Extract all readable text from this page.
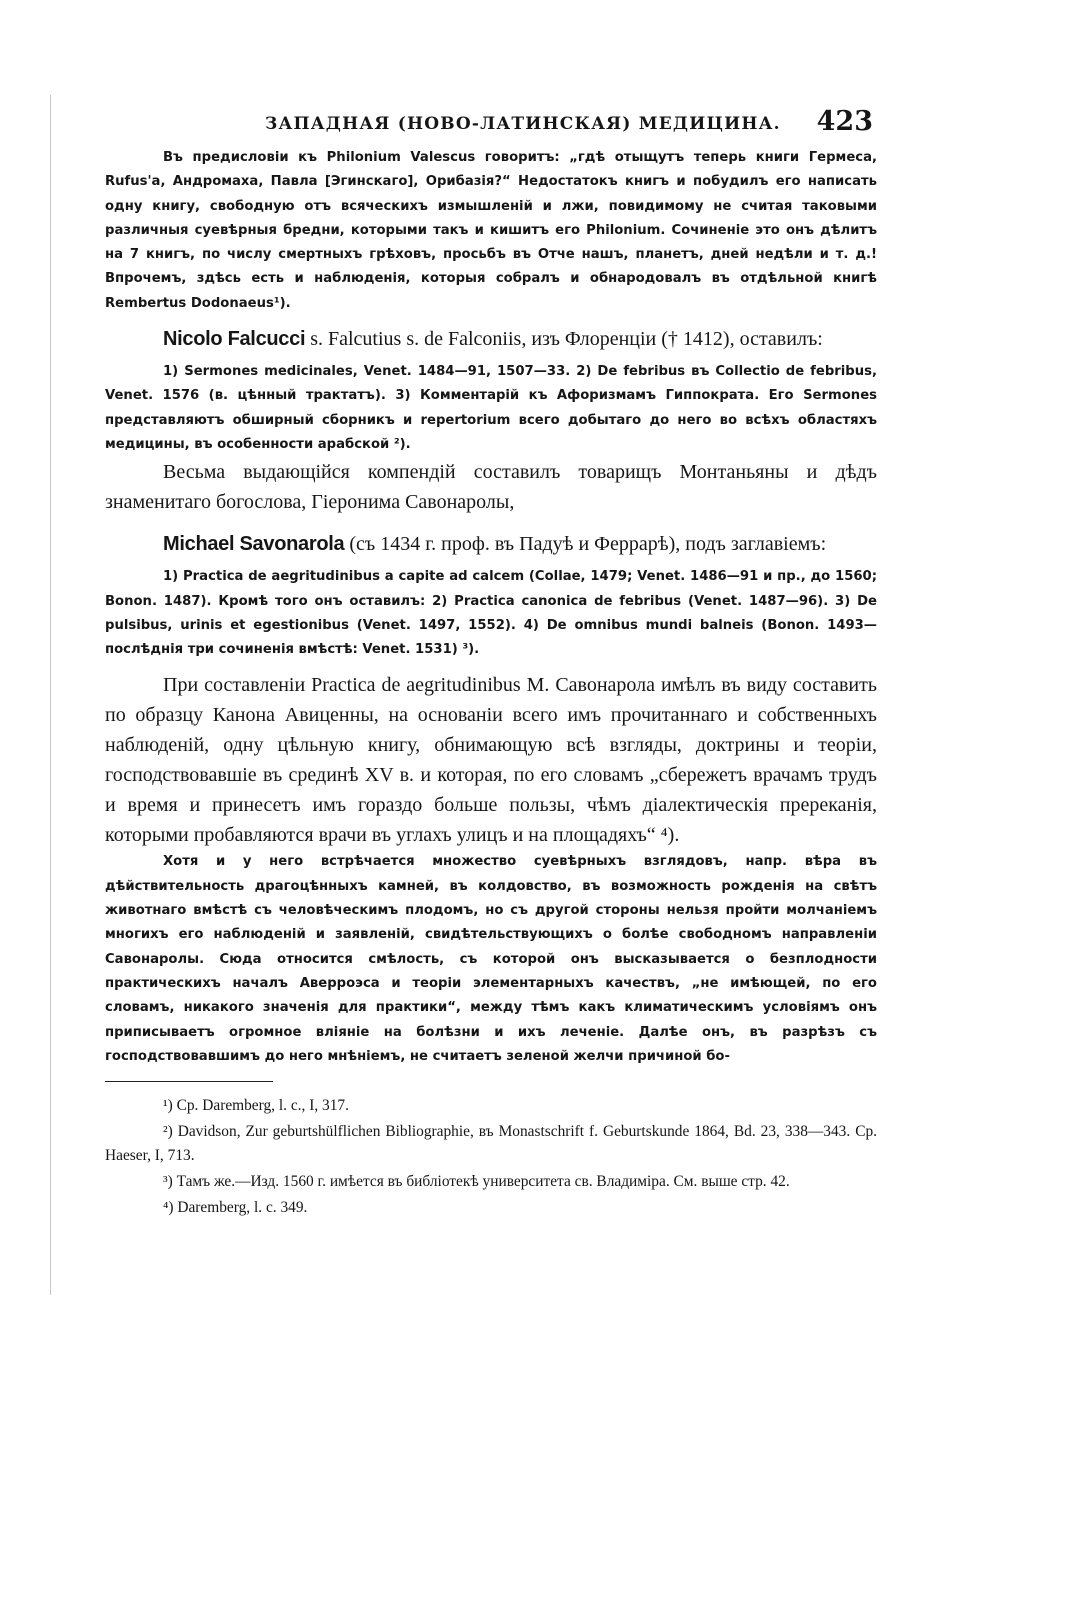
ЗАПАДНАЯ (НОВО-ЛАТИНСКАЯ) МЕДИЦИНА. 423

Въ предисловіи къ Philonium Valescus говоритъ: „гдѣ отыщутъ теперь книги Гермеса, Rufus'а, Андромаха, Павла [Эгинскаго], Орибазія?“ Недостатокъ книгъ и побудилъ его написать одну книгу, свободную отъ всяческихъ измышленій и лжи, повидимому не считая таковыми различныя суевѣрныя бредни, которыми такъ и кишитъ его Philonium. Сочиненіе это онъ дѣлитъ на 7 книгъ, по числу смертныхъ грѣховъ, просьбъ въ Отче нашъ, планетъ, дней недѣли и т. д.! Впрочемъ, здѣсь есть и наблюденія, которыя собралъ и обнародовалъ въ отдѣльной книгѣ Rembertus Dodonaeus¹).

Nicolo Falcucci s. Falcutius s. de Falconiis, изъ Флоренціи († 1412), оставилъ:

1) Sermones medicinales, Venet. 1484—91, 1507—33. 2) De febribus въ Collectio de febribus, Venet. 1576 (в. цѣнный трактатъ). 3) Комментарій къ Афоризмамъ Гиппократа. Его Sermones представляютъ обширный сборникъ и repertorium всего добытаго до него во всѣхъ областяхъ медицины, въ особенности арабской ²).

Весьма выдающійся компендій составилъ товарищъ Монтаньяны и дѣдъ знаменитаго богослова, Гіеронима Савонаролы,

Michael Savonarola (съ 1434 г. проф. въ Падуѣ и Феррарѣ), подъ заглавіемъ:

1) Practica de aegritudinibus a capite ad calcem (Collae, 1479; Venet. 1486—91 и пр., до 1560; Bonon. 1487). Кромѣ того онъ оставилъ: 2) Practica canonica de febribus (Venet. 1487—96). 3) De pulsibus, urinis et egestionibus (Venet. 1497, 1552). 4) De omnibus mundi balneis (Bonon. 1493—послѣднія три сочиненія вмѣстѣ: Venet. 1531) ³).

При составленіи Practica de aegritudinibus М. Савонарола имѣлъ въ виду составить по образцу Канона Авиценны, на основаніи всего имъ прочитаннаго и собственныхъ наблюденій, одну цѣльную книгу, обнимающую всѣ взгляды, доктрины и теоріи, господствовавшіе въ срединѣ XV в. и которая, по его словамъ „сбережетъ врачамъ трудъ и время и принесетъ имъ гораздо больше пользы, чѣмъ діалектическія пререканія, которыми пробавляются врачи въ углахъ улицъ и на площадяхъ“ ⁴).

Хотя и у него встрѣчается множество суевѣрныхъ взглядовъ, напр. вѣра въ дѣйствительность драгоцѣнныхъ камней, въ колдовство, въ возможность рожденія на свѣтъ животнаго вмѣстѣ съ человѣческимъ плодомъ, но съ другой стороны нельзя пройти молчаніемъ многихъ его наблюденій и заявленій, свидѣтельствующихъ о болѣе свободномъ направленіи Савонаролы. Сюда относится смѣлость, съ которой онъ высказывается о безплодности практическихъ началъ Аверроэса и теоріи элементарныхъ качествъ, „не имѣющей, по его словамъ, никакого значенія для практики“, между тѣмъ какъ климатическимъ условіямъ онъ приписываетъ огромное вліяніе на болѣзни и ихъ леченіе. Далѣе онъ, въ разрѣзъ съ господствовавшимъ до него мнѣніемъ, не считаетъ зеленой желчи причиной бо-

¹) Ср. Daremberg, l. c., I, 317.

²) Davidson, Zur geburtshülflichen Bibliographie, въ Monastschrift f. Geburtskunde 1864, Bd. 23, 338—343. Ср. Haeser, I, 713.

³) Тамъ же.—Изд. 1560 г. имѣется въ библіотекѣ университета св. Владиміра. См. выше стр. 42.

⁴) Daremberg, l. c. 349.
